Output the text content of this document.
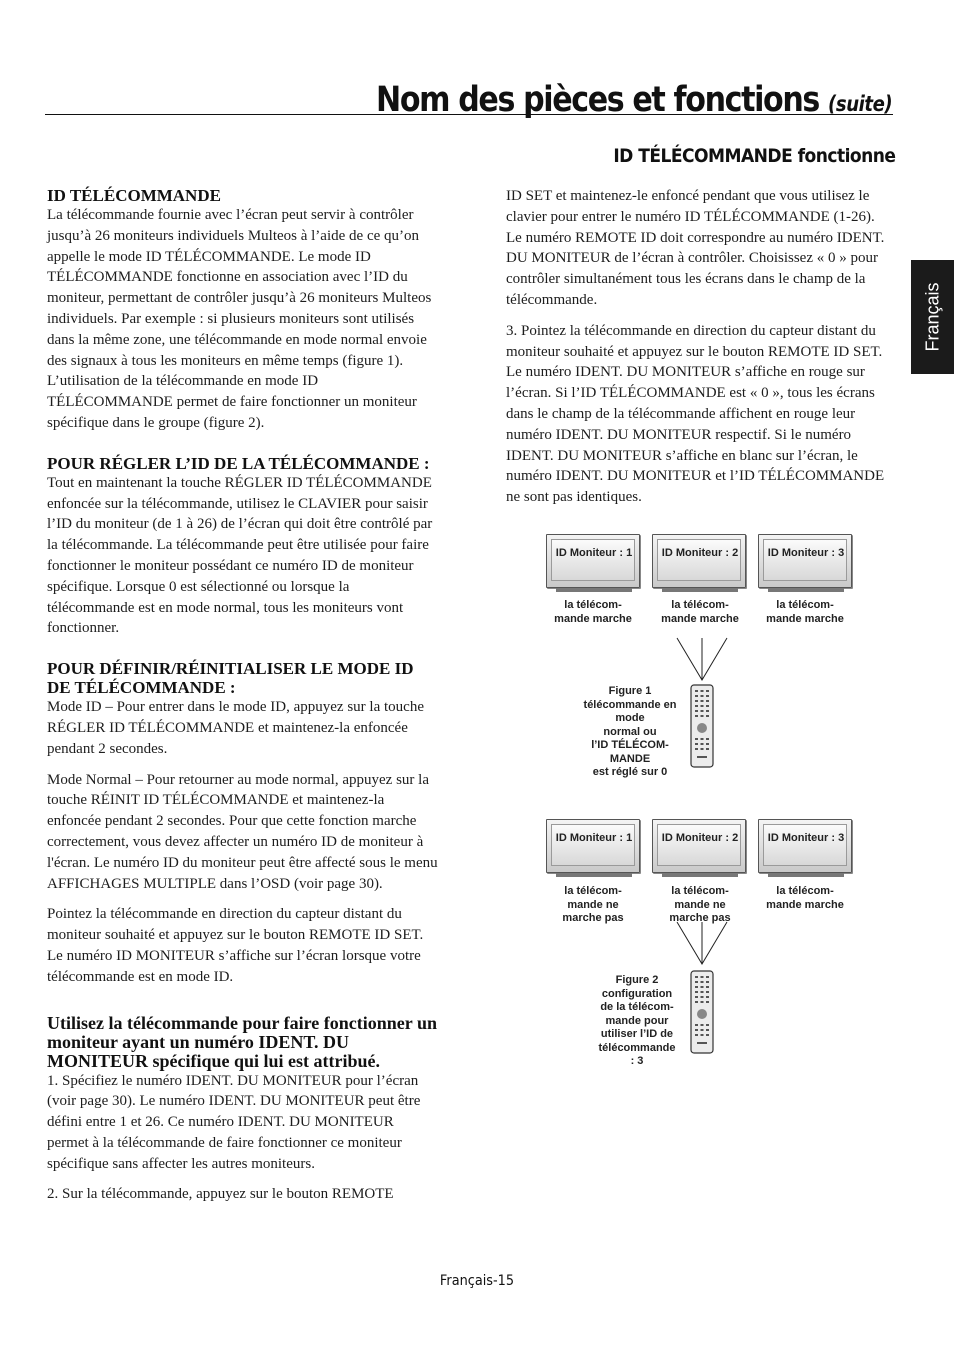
Nom des pièces et fonctions (suite)
ID TÉLÉCOMMANDE fonctionne
Français
ID TÉLÉCOMMANDE

La télécommande fournie avec l’écran peut servir à contrôler jusqu’à 26 moniteurs individuels Multeos à l’aide de ce qu’on appelle le mode ID TÉLÉCOMMANDE. Le mode ID TÉLÉCOMMANDE fonctionne en association avec l’ID du moniteur, permettant de contrôler jusqu’à 26 moniteurs Multeos individuels. Par exemple : si plusieurs moniteurs sont utilisés dans la même zone, une télécommande en mode normal envoie des signaux à tous les moniteurs en même temps (figure 1). L’utilisation de la télécommande en mode ID TÉLÉCOMMANDE permet de faire fonctionner un moniteur spécifique dans le groupe (figure 2).

POUR RÉGLER L’ID DE LA TÉLÉCOMMANDE :

Tout en maintenant la touche RÉGLER ID TÉLÉCOMMANDE enfoncée sur la télécommande, utilisez le CLAVIER pour saisir l’ID du moniteur (de 1 à 26) de l’écran qui doit être contrôlé par la télécommande. La télécommande peut être utilisée pour faire fonctionner le moniteur possédant ce numéro ID de moniteur spécifique. Lorsque 0 est sélectionné ou lorsque la télécommande est en mode normal, tous les moniteurs vont fonctionner.

POUR DÉFINIR/RÉINITIALISER LE MODE ID DE TÉLÉCOMMANDE :

Mode ID – Pour entrer dans le mode ID, appuyez sur la touche RÉGLER ID TÉLÉCOMMANDE et maintenez-la enfoncée pendant 2 secondes.

Mode Normal – Pour retourner au mode normal, appuyez sur la touche RÉINIT ID TÉLÉCOMMANDE et maintenez-la enfoncée pendant 2 secondes. Pour que cette fonction marche correctement, vous devez affecter un numéro ID de moniteur à l'écran. Le numéro ID du moniteur peut être affecté sous le menu AFFICHAGES MULTIPLE dans l’OSD (voir page 30).

Pointez la télécommande en direction du capteur distant du moniteur souhaité et appuyez sur le bouton REMOTE ID SET. Le numéro ID MONITEUR s’affiche sur l’écran lorsque votre télécommande est en mode ID.

Utilisez la télécommande pour faire fonctionner un moniteur ayant un numéro IDENT. DU MONITEUR spécifique qui lui est attribué.

1. Spécifiez le numéro IDENT. DU MONITEUR pour l’écran (voir page 30). Le numéro IDENT. DU MONITEUR peut être défini entre 1 et 26. Ce numéro IDENT. DU MONITEUR permet à la télécommande de faire fonctionner ce moniteur spécifique sans affecter les autres moniteurs.

2. Sur la télécommande, appuyez sur le bouton REMOTE

ID SET et maintenez-le enfoncé pendant que vous utilisez le clavier pour entrer le numéro ID TÉLÉCOMMANDE (1-26). Le numéro REMOTE ID doit correspondre au numéro IDENT. DU MONITEUR de l’écran à contrôler. Choisissez « 0 » pour contrôler simultanément tous les écrans dans le champ de la télécommande.

3. Pointez la télécommande en direction du capteur distant du moniteur souhaité et appuyez sur le bouton REMOTE ID SET. Le numéro IDENT. DU MONITEUR s’affiche en rouge sur l’écran. Si l’ID TÉLÉCOMMANDE est « 0 », tous les écrans dans le champ de la télécommande affichent en rouge leur numéro IDENT. DU MONITEUR respectif. Si le numéro IDENT. DU MONITEUR s’affiche en blanc sur l’écran, le numéro IDENT. DU MONITEUR et l’ID TÉLÉCOMMANDE ne sont pas identiques.

ID Moniteur : 1	ID Moniteur : 2	ID Moniteur : 3
la télécom-
mande marche
la télécom-
mande marche
la télécom-
mande marche
Figure 1
télécommande en
mode
normal ou
l’ID TÉLÉCOM-
MANDE
est réglé sur 0
ID Moniteur : 1	ID Moniteur : 2	ID Moniteur : 3
la télécom-
mande ne
marche pas
la télécom-
mande ne
marche pas
la télécom-
mande marche
Figure 2
configuration
de la télécom-
mande pour
utiliser l’ID de
télécommande
: 3
Français-15
